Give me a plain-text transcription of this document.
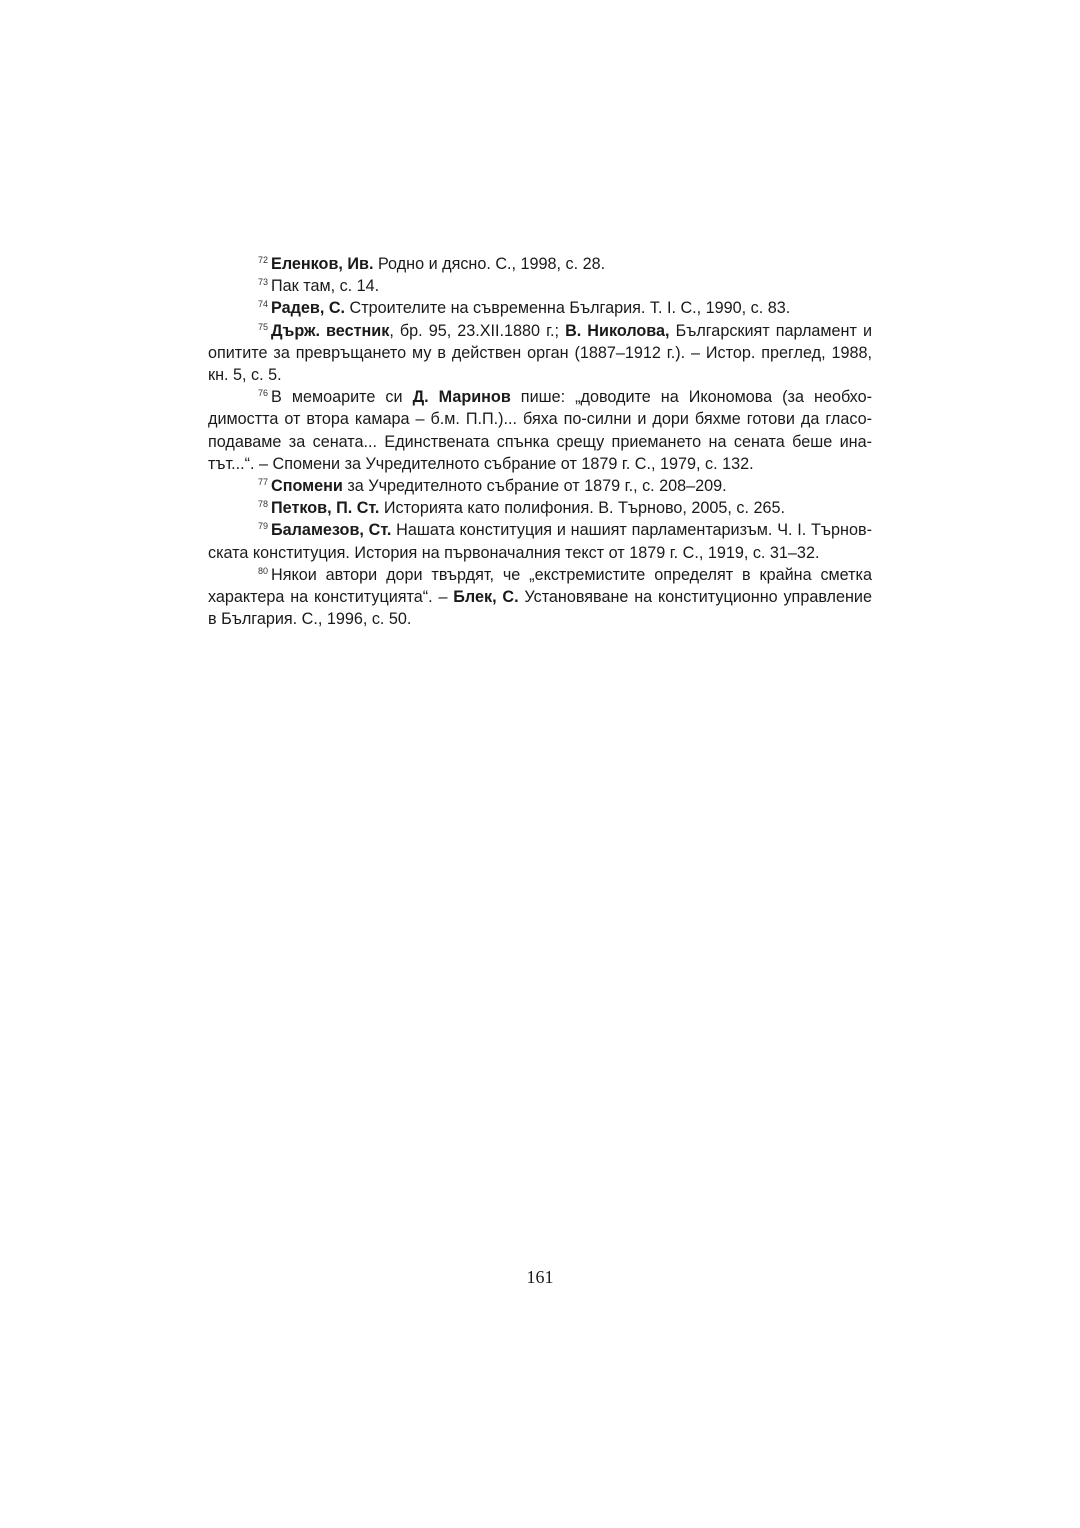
$^{72}$ Еленков, Ив. Родно и дясно. С., 1998, с. 28.

$^{73}$ Пак там, с. 14.

$^{74}$ Радев, С. Строителите на съвременна България. Т. I. С., 1990, с. 83.

$^{75}$ Държ. вестник, бр. 95, 23.XII.1880 г.; В. Николова, Българският парламент и опитите за превръщането му в действен орган (1887–1912 г.). – Истор. преглед, 1988, кн. 5, с. 5.

$^{76}$ В мемоарите си Д. Маринов пише: „доводите на Икономова (за необходимостта от втора камара – б.м. П.П.)... бяха по-силни и дори бяхме готови да гласоподаваме за сената... Единствената спънка срещу приемането на сената беше инатът...“. – Спомени за Учредителното събрание от 1879 г. С., 1979, с. 132.

$^{77}$ Спомени за Учредителното събрание от 1879 г., с. 208–209.

$^{78}$ Петков, П. Ст. Историята като полифония. В. Търново, 2005, с. 265.

$^{79}$ Баламезов, Ст. Нашата конституция и нашият парламентаризъм. Ч. I. Търновската конституция. История на първоначалния текст от 1879 г. С., 1919, с. 31–32.

$^{80}$ Някои автори дори твърдят, че „екстремистите определят в крайна сметка характера на конституцията“. – Блек, С. Установяване на конституционно управление в България. С., 1996, с. 50.

161
